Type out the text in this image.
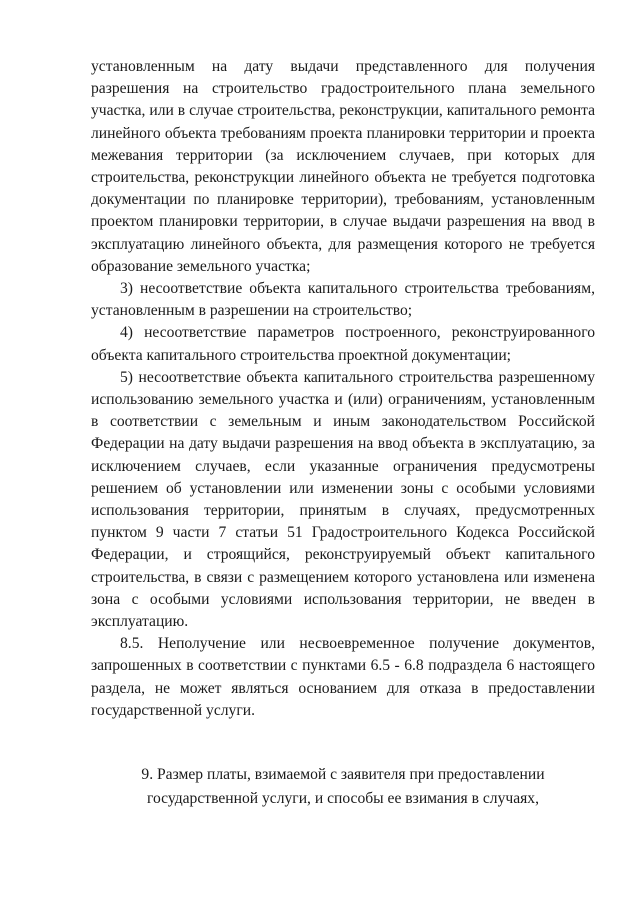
установленным на дату выдачи представленного для получения разрешения на строительство градостроительного плана земельного участка, или в случае строительства, реконструкции, капитального ремонта линейного объекта требованиям проекта планировки территории и проекта межевания территории (за исключением случаев, при которых для строительства, реконструкции линейного объекта не требуется подготовка документации по планировке территории), требованиям, установленным проектом планировки территории, в случае выдачи разрешения на ввод в эксплуатацию линейного объекта, для размещения которого не требуется образование земельного участка;

3) несоответствие объекта капитального строительства требованиям, установленным в разрешении на строительство;

4) несоответствие параметров построенного, реконструированного объекта капитального строительства проектной документации;

5) несоответствие объекта капитального строительства разрешенному использованию земельного участка и (или) ограничениям, установленным в соответствии с земельным и иным законодательством Российской Федерации на дату выдачи разрешения на ввод объекта в эксплуатацию, за исключением случаев, если указанные ограничения предусмотрены решением об установлении или изменении зоны с особыми условиями использования территории, принятым в случаях, предусмотренных пунктом 9 части 7 статьи 51 Градостроительного Кодекса Российской Федерации, и строящийся, реконструируемый объект капитального строительства, в связи с размещением которого установлена или изменена зона с особыми условиями использования территории, не введен в эксплуатацию.

8.5. Неполучение или несвоевременное получение документов, запрошенных в соответствии с пунктами 6.5 - 6.8 подраздела 6 настоящего раздела, не может являться основанием для отказа в предоставлении государственной услуги.

9. Размер платы, взимаемой с заявителя при предоставлении
государственной услуги, и способы ее взимания в случаях,
